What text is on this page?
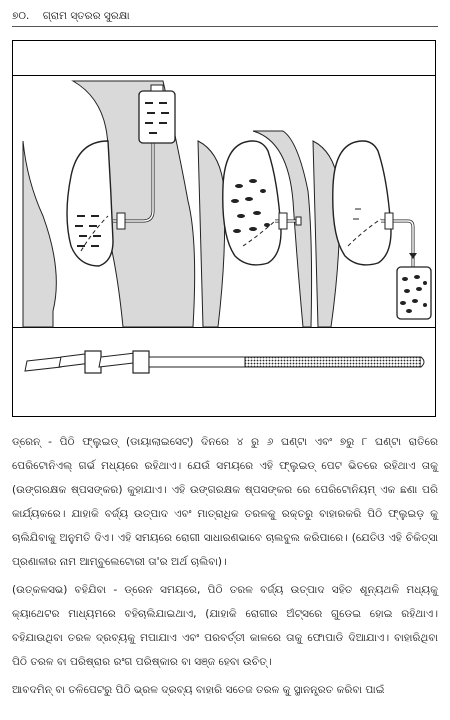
୭୦. ଗ୍ରାମ ସ୍ତରର ସୁରକ୍ଷା

ଡ୍ରେନ୍ - ପିଠି ଫ୍ଲୁଇଡ୍ (ଡାୟାଲାଇସେଟ୍) ଦିନରେ ୪ ରୁ ୬ ଘଣ୍ଟା ଏବଂ ୭ରୁ ୮ ଘଣ୍ଟା ରାତିରେ ପେରିଟୋନିଏଲ୍ ଗର୍ଭ ମଧ୍ୟରେ ରହିଥାଏ। ଯେଉଁ ସମୟରେ ଏହି ଫ୍ଲୁଇଡ୍ ପେଟ ଭିତରେ ରହିଥାଏ ତାକୁ (ଉଙ୍ଗରକ୍ଷକ ଷ୍ପସଙ୍କର) କୁହାଯାଏ। ଏହି ଉଙ୍ଗରକ୍ଷକ ଷ୍ପସଙ୍କର ରେ ପେରିଟୋନିୟମ୍ ଏକ ଛଣା ପରି କାର୍ଯ୍ୟକରେ। ଯାହାକି ବର୍ଜ୍ୟ ଉତ୍ପାଦ ଏବଂ ମାତ୍ରାଧିକ ତରଳକୁ ରକ୍ତରୁ ବାହାରକରି ପିଠି ଫ୍ଲୁଇଡ଼ କୁ ଚାଲିଯିବାକୁ ଅନୁମତି ଦିଏ। ଏହି ସମୟରେ ରୋଗୀ ସାଧାରଣଭାବେ ଚାଲବୁଲ କରିପାରେ। (ଯେତିଓ ଏହି ଚିକିତ୍ସା ପ୍ରଣାଳୀର ନାମ ଆମ୍ବୁଲେଟୋରୀ ତା'ର ଅର୍ଥ ଚାଲିବା)।

(ଉତ୍କଳସଭ) ବହିଯିବା - ଡ୍ରେନ ସମୟରେ, ପିଠି ତରଳ ବର୍ଜ୍ୟ ଉତ୍ପାଦ ସହିତ ଶୂନ୍ୟଥଳି ମଧ୍ୟକୁ କ୍ୟାଥେଟର ମାଧ୍ୟମରେ ବହିଚାଲିଯାଇଥାଏ, (ଯାହାକି ରୋଗୀର ଅଁଟ୍‌ସରେ ଗୁଡେଇ ହୋଇ ରହିଥାଏ। ବହିଯାଉଥିବା ତରଳ ଦ୍ରବ୍ୟକୁ ମପାଯାଏ ଏବଂ ପରବର୍ତ୍ତୀ କାଳରେ ତାକୁ ଫୋପାଡି ଦିଆଯାଏ। ବାହାରିଥିବା ପିଠି ତରଳ ବା ପରିଷ୍ରାର ରଂଗ ପରିଷ୍କାର ବା ସଞ୍ଜ ହେବା ଉଚିତ୍।

ଆବଦମିନ୍ ବା ତଳିପେଟରୁ ପିଠି ଭ୍ରଳ ଦ୍ରବ୍ୟ ବାହାରି ସତେଜ ତରଳ କୁ ସ୍ଥାନନ୍ତ୍ରତ କରିବା ପାଇଁ
